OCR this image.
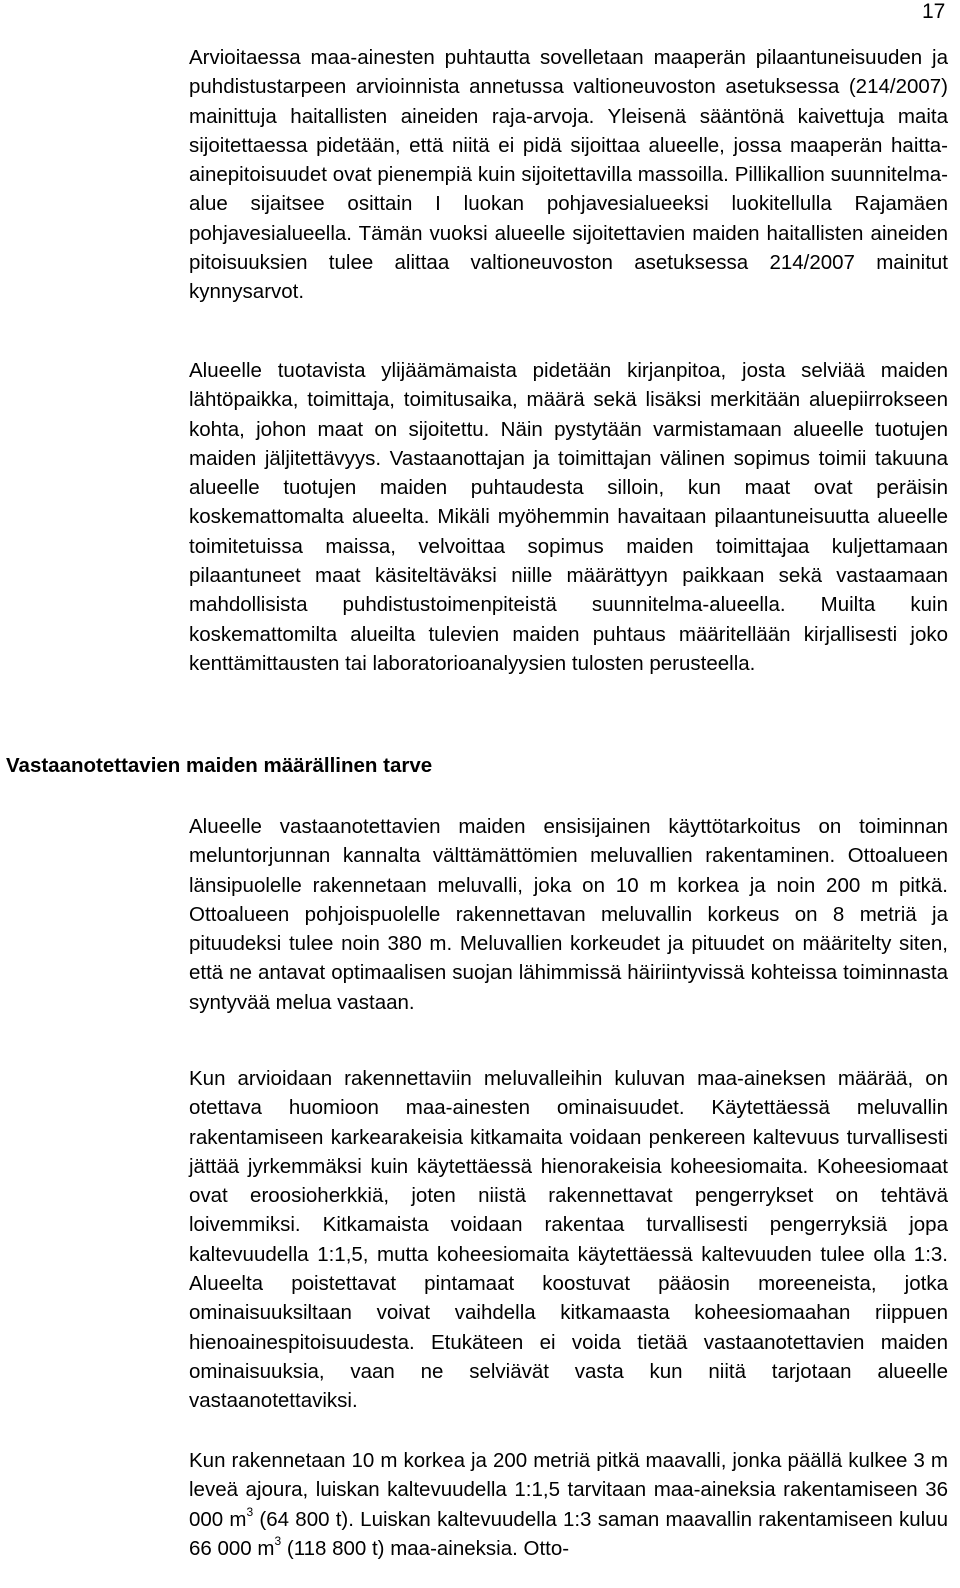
17

Arvioitaessa maa-ainesten puhtautta sovelletaan maaperän pilaantuneisuuden ja puhdistustarpeen arvioinnista annetussa valtioneuvoston asetuksessa (214/2007) mainittuja haitallisten aineiden raja-arvoja. Yleisenä sääntönä kaivettuja maita sijoitettaessa pidetään, että niitä ei pidä sijoittaa alueelle, jossa maaperän haitta-ainepitoisuudet ovat pienempiä kuin sijoitettavilla massoilla. Pillikallion suunnitelma-alue sijaitsee osittain I luokan pohjavesialueeksi luokitellulla Rajamäen pohjavesialueella. Tämän vuoksi alueelle sijoitettavien maiden haitallisten aineiden pitoisuuksien tulee alittaa valtioneuvoston asetuksessa 214/2007 mainitut kynnysarvot.

Alueelle tuotavista ylijäämämaista pidetään kirjanpitoa, josta selviää maiden lähtöpaikka, toimittaja, toimitusaika, määrä sekä lisäksi merkitään aluepiirrokseen kohta, johon maat on sijoitettu. Näin pystytään varmistamaan alueelle tuotujen maiden jäljitettävyys. Vastaanottajan ja toimittajan välinen sopimus toimii takuuna alueelle tuotujen maiden puhtaudesta silloin, kun maat ovat peräisin koskemattomalta alueelta. Mikäli myöhemmin havaitaan pilaantuneisuutta alueelle toimitetuissa maissa, velvoittaa sopimus maiden toimittajaa kuljettamaan pilaantuneet maat käsiteltäväksi niille määrättyyn paikkaan sekä vastaamaan mahdollisista puhdistustoimenpiteistä suunnitelma-alueella. Muilta kuin koskemattomilta alueilta tulevien maiden puhtaus määritellään kirjallisesti joko kenttämittausten tai laboratorioanalyysien tulosten perusteella.

Vastaanotettavien maiden määrällinen tarve

Alueelle vastaanotettavien maiden ensisijainen käyttötarkoitus on toiminnan meluntorjunnan kannalta välttämättömien meluvallien rakentaminen. Ottoalueen länsipuolelle rakennetaan meluvalli, joka on 10 m korkea ja noin 200 m pitkä. Ottoalueen pohjoispuolelle rakennettavan meluvallin korkeus on 8 metriä ja pituudeksi tulee noin 380 m. Meluvallien korkeudet ja pituudet on määritelty siten, että ne antavat optimaalisen suojan lähimmissä häiriintyvissä kohteissa toiminnasta syntyvää melua vastaan.

Kun arvioidaan rakennettaviin meluvalleihin kuluvan maa-aineksen määrää, on otettava huomioon maa-ainesten ominaisuudet. Käytettäessä meluvallin rakentamiseen karkearakeisia kitkamaita voidaan penkereen kaltevuus turvallisesti jättää jyrkemmäksi kuin käytettäessä hienorakeisia koheesiomaita. Koheesiomaat ovat eroosioherkkiä, joten niistä rakennettavat pengerrykset on tehtävä loivemmiksi. Kitkamaista voidaan rakentaa turvallisesti pengerryksiä jopa kaltevuudella 1:1,5, mutta koheesiomaita käytettäessä kaltevuuden tulee olla 1:3. Alueelta poistettavat pintamaat koostuvat pääosin moreeneista, jotka ominaisuuksiltaan voivat vaihdella kitkamaasta koheesiomaahan riippuen hienoainespitoisuudesta. Etukäteen ei voida tietää vastaanotettavien maiden ominaisuuksia, vaan ne selviävät vasta kun niitä tarjotaan alueelle vastaanotettaviksi.

Kun rakennetaan 10 m korkea ja 200 metriä pitkä maavalli, jonka päällä kulkee 3 m leveä ajoura, luiskan kaltevuudella 1:1,5 tarvitaan maa-aineksia rakentamiseen 36 000 $m^3$ (64 800 t). Luiskan kaltevuudella 1:3 saman maavallin rakentamiseen kuluu 66 000 $m^3$ (118 800 t) maa-aineksia. Otto-
